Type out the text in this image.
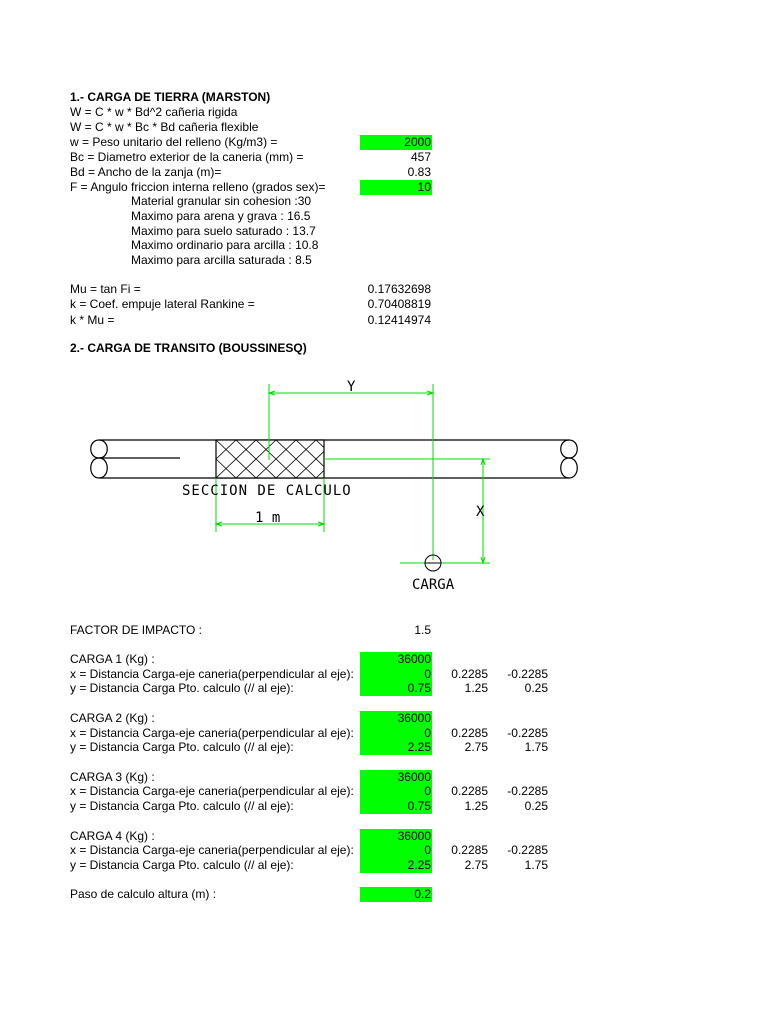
1.- CARGA DE TIERRA (MARSTON)
W = C * w * Bd^2 cañeria rigida
W = C * w * Bc * Bd cañeria flexible
w = Peso unitario del relleno (Kg/m3) =	2000
Bc = Diametro exterior de la caneria (mm) =	457
Bd = Ancho de la zanja (m)=	0.83
F = Angulo friccion interna relleno (grados sex)=	10
Material granular sin cohesion :30
Maximo para arena y grava : 16.5
Maximo para suelo saturado : 13.7
Maximo ordinario para arcilla : 10.8
Maximo para arcilla saturada : 8.5
Mu = tan Fi =	0.17632698
k = Coef. empuje lateral Rankine =	0.70408819
k * Mu =	0.12414974
2.- CARGA DE TRANSITO (BOUSSINESQ)
Y
X
SECCION DE CALCULO
1 m
CARGA
FACTOR DE IMPACTO :	1.5
CARGA 1 (Kg) :	36000
x = Distancia Carga-eje caneria(perpendicular al eje):	0	0.2285	-0.2285
y = Distancia Carga Pto. calculo (// al eje):	0.75	1.25	0.25
CARGA 2 (Kg) :	36000
x = Distancia Carga-eje caneria(perpendicular al eje):	0	0.2285	-0.2285
y = Distancia Carga Pto. calculo (// al eje):	2.25	2.75	1.75
CARGA 3 (Kg) :	36000
x = Distancia Carga-eje caneria(perpendicular al eje):	0	0.2285	-0.2285
y = Distancia Carga Pto. calculo (// al eje):	0.75	1.25	0.25
CARGA 4 (Kg) :	36000
x = Distancia Carga-eje caneria(perpendicular al eje):	0	0.2285	-0.2285
y = Distancia Carga Pto. calculo (// al eje):	2.25	2.75	1.75
Paso de calculo altura (m) :	0.2
